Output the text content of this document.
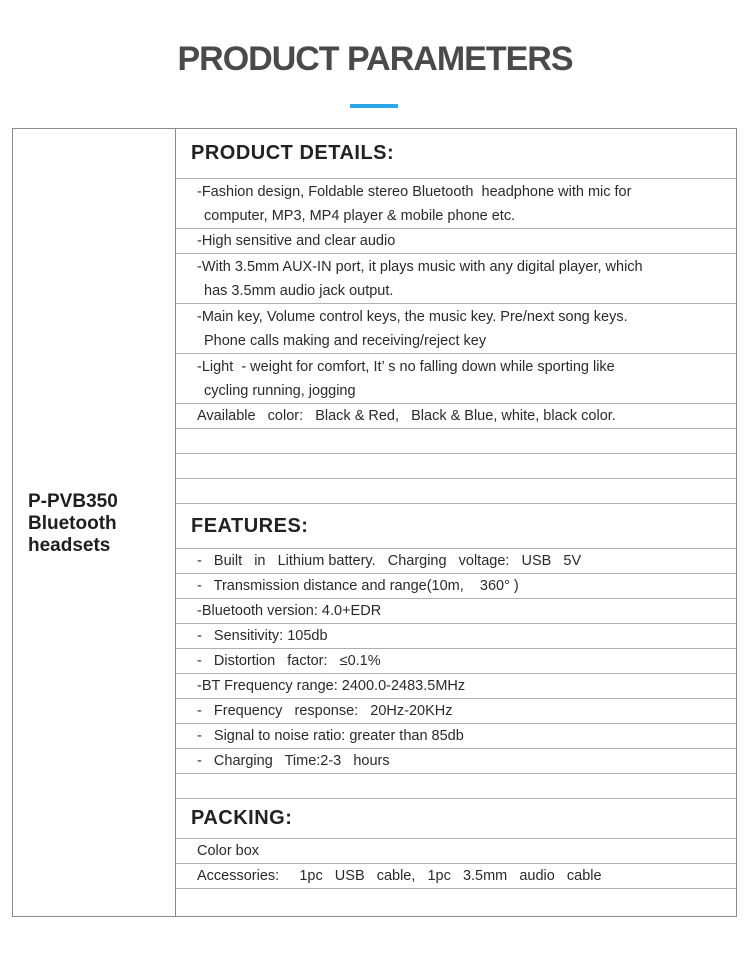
PRODUCT PARAMETERS

P-PVB350
Bluetooth
headsets

PRODUCT DETAILS:
-Fashion design, Foldable stereo Bluetooth  headphone with mic for
computer, MP3, MP4 player & mobile phone etc.
-High sensitive and clear audio
-With 3.5mm AUX-IN port, it plays music with any digital player, which
has 3.5mm audio jack output.
-Main key, Volume control keys, the music key. Pre/next song keys.
Phone calls making and receiving/reject key
-Light  - weight for comfort, It’ s no falling down while sporting like
cycling running, jogging
Available   color:   Black & Red,   Black & Blue, white, black color.
FEATURES:
-   Built   in   Lithium battery.   Charging   voltage:   USB   5V
-   Transmission distance and range(10m,    360° )
-Bluetooth version: 4.0+EDR
-   Sensitivity: 105db
-   Distortion   factor:   ≤0.1%
-BT Frequency range: 2400.0-2483.5MHz
-   Frequency   response:   20Hz-20KHz
-   Signal to noise ratio: greater than 85db
-   Charging   Time:2-3   hours
PACKING:
Color box
Accessories:     1pc   USB   cable,   1pc   3.5mm   audio   cable
